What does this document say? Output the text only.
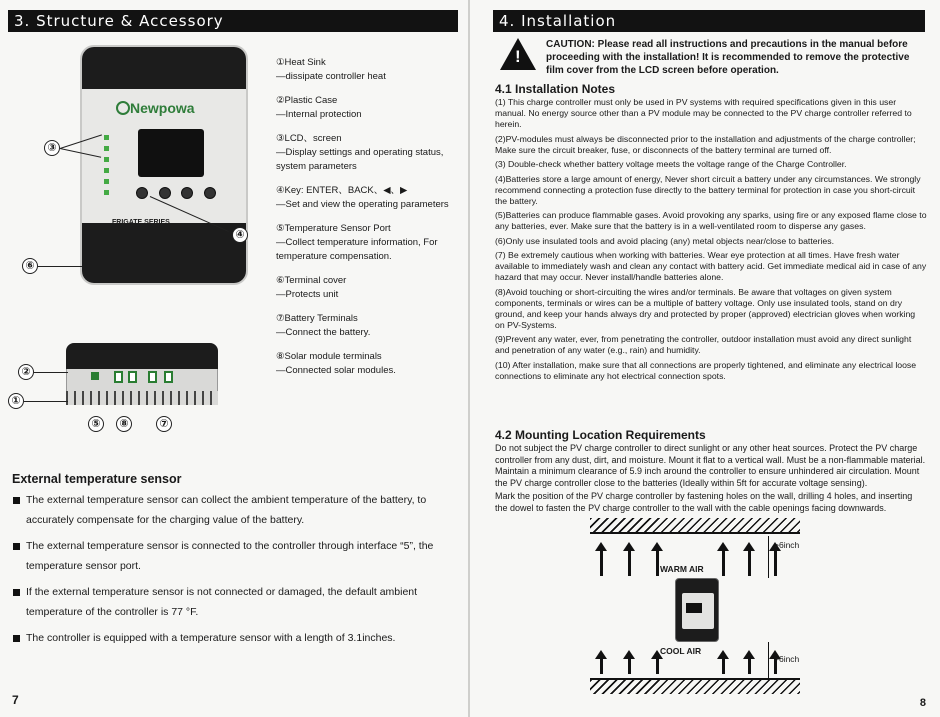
3. Structure & Accessory
Newpowa
③
④
⑥
①Heat Sink
—dissipate controller heat
②Plastic Case
—Internal protection
③LCD、screen
—Display settings and operating status, system parameters
④Key: ENTER、BACK、◀、▶
—Set and view the operating parameters
⑤Temperature Sensor Port
—Collect temperature information, For temperature compensation.
⑥Terminal cover
—Protects unit
⑦Battery Terminals
—Connect the battery.
⑧Solar module terminals
—Connected solar modules.
②
①
⑤	⑧	⑦
External temperature sensor
The external temperature sensor can collect the ambient temperature of the battery, to accurately compensate for the charging value of the battery.
The external temperature sensor is connected to the controller through interface “5”, the temperature sensor port.
If the external temperature sensor is not connected or damaged, the default ambient temperature of the controller is 77 °F.
The controller is equipped with a temperature sensor with a length of 3.1inches.
7
4. Installation
!
CAUTION: Please read all instructions and precautions in the manual before proceeding with the installation! It is recommended to remove the protective film cover from the LCD screen before operation.
4.1 Installation Notes

(1) This charge controller must only be used in PV systems with required specifications given in this user manual. No energy source other than a PV module may be connected to the PV charge controller referred to herein.

(2)PV-modules must always be disconnected prior to the installation and adjustments of the charge controller; Make sure the circuit breaker, fuse, or disconnects of the battery terminal are turned off.

(3) Double-check whether battery voltage meets the voltage range of the Charge Controller.

(4)Batteries store a large amount of energy, Never short circuit a battery under any circumstances. We strongly recommend connecting a protection fuse directly to the battery terminal for protection in case you short-circuit the battery.

(5)Batteries can produce flammable gases. Avoid provoking any sparks, using fire or any exposed flame close to any batteries, ever. Make sure that the battery is in a well-ventilated room to disperse any gases.

(6)Only use insulated tools and avoid placing (any) metal objects near/close to batteries.

(7) Be extremely cautious when working with batteries. Wear eye protection at all times. Have fresh water available to immediately wash and clean any contact with battery acid. Get immediate medical aid in case of any hazard that may occur. Never install/handle batteries alone.

(8)Avoid touching or short-circuiting the wires and/or terminals. Be aware that voltages on given system components, terminals or wires can be a multiple of battery voltage. Only use insulated tools, stand on dry ground, and keep your hands always dry and protected by proper (approved) electrician gloves when working on PV-Systems.

(9)Prevent any water, ever, from penetrating the controller, outdoor installation must avoid any direct sunlight and penetration of any water (e.g., rain) and humidity.

(10) After installation, make sure that all connections are properly tightened, and eliminate any electrical loose connections to eliminate any hot electrical connection spots.

4.2 Mounting Location Requirements

Do not subject the PV charge controller to direct sunlight or any other heat sources. Protect the PV charge controller from any dust, dirt, and moisture. Mount it flat to a vertical wall. Must be a non-flammable material. Maintain a minimum clearance of 5.9 inch around the controller to ensure unhindered air circulation. Mount the PV charge controller close to the batteries (Ideally within 5ft for accurate voltage sensing).

Mark the position of the PV charge controller by fastening holes on the wall, drilling 4 holes, and inserting the dowel to fasten the PV charge controller to the wall with the cable openings facing downwards.

WARM AIR
COOL AIR
>6inch
>6inch
8
